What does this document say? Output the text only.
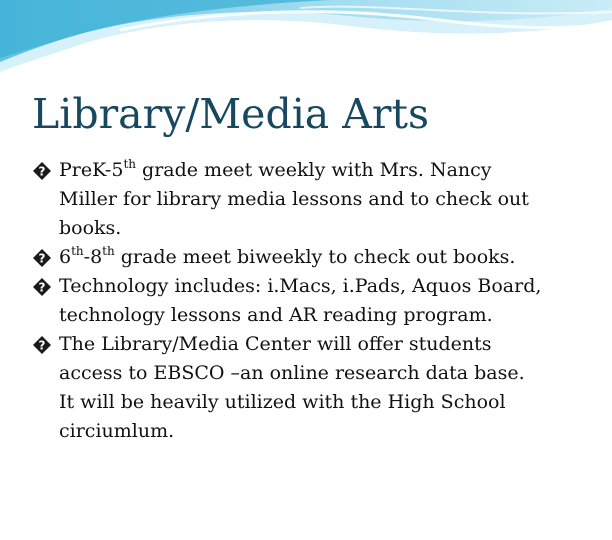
Library/Media Arts
? PreK-5th grade meet weekly with Mrs. Nancy
Miller for library media lessons and to check out
books.
? 6th-8th grade meet biweekly to check out books.
? Technology includes: i.Macs, i.Pads, Aquos Board,
technology lessons and AR reading program.
? The Library/Media Center will offer students
access to EBSCO –an online research data base.
It will be heavily utilized with the High School
circiumlum.
